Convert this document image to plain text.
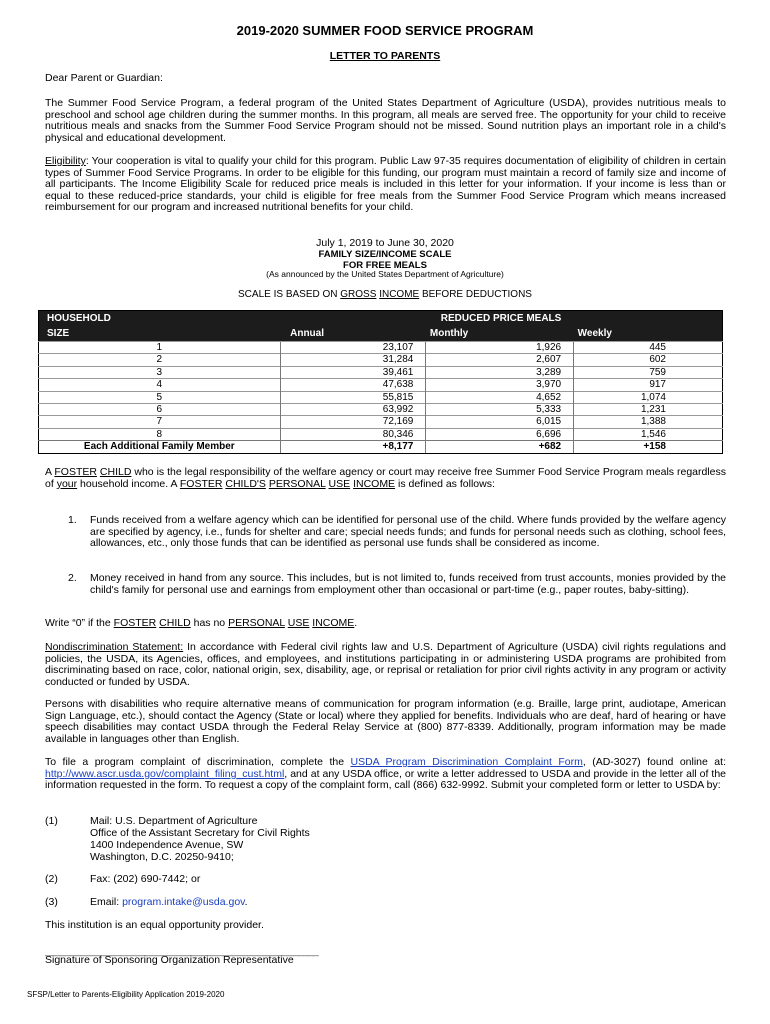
2019-2020 SUMMER FOOD SERVICE PROGRAM
LETTER TO PARENTS

Dear Parent or Guardian:

The Summer Food Service Program, a federal program of the United States Department of Agriculture (USDA), provides nutritious meals to preschool and school age children during the summer months. In this program, all meals are served free. The opportunity for your child to receive nutritious meals and snacks from the Summer Food Service Program should not be missed. Sound nutrition plays an important role in a child's physical and educational development.

Eligibility: Your cooperation is vital to qualify your child for this program. Public Law 97-35 requires documentation of eligibility of children in certain types of Summer Food Service Programs. In order to be eligible for this funding, our program must maintain a record of family size and income of all participants. The Income Eligibility Scale for reduced price meals is included in this letter for your information. If your income is less than or equal to these reduced-price standards, your child is eligible for free meals from the Summer Food Service Program which means increased reimbursement for our program and increased nutritional benefits for your child.

July 1, 2019 to June 30, 2020

FAMILY SIZE/INCOME SCALE

FOR FREE MEALS

(As announced by the United States Department of Agriculture)

SCALE IS BASED ON GROSS INCOME BEFORE DEDUCTIONS

HOUSEHOLD	REDUCED PRICE MEALS		
SIZE	Annual	Monthly	Weekly
1	23,107	1,926	445
2	31,284	2,607	602
3	39,461	3,289	759
4	47,638	3,970	917
5	55,815	4,652	1,074
6	63,992	5,333	1,231
7	72,169	6,015	1,388
8	80,346	6,696	1,546
Each Additional Family Member	+8,177	+682	+158

A FOSTER CHILD who is the legal responsibility of the welfare agency or court may receive free Summer Food Service Program meals regardless of your household income. A FOSTER CHILD'S PERSONAL USE INCOME is defined as follows:

1. Funds received from a welfare agency which can be identified for personal use of the child. Where funds provided by the welfare agency are specified by agency, i.e., funds for shelter and care; special needs funds; and funds for personal needs such as clothing, school fees, allowances, etc., only those funds that can be identified as personal use funds shall be considered as income.
2. Money received in hand from any source. This includes, but is not limited to, funds received from trust accounts, monies provided by the child's family for personal use and earnings from employment other than occasional or part-time (e.g., paper routes, baby-sitting).

Write “0” if the FOSTER CHILD has no PERSONAL USE INCOME.

Nondiscrimination Statement: In accordance with Federal civil rights law and U.S. Department of Agriculture (USDA) civil rights regulations and policies, the USDA, its Agencies, offices, and employees, and institutions participating in or administering USDA programs are prohibited from discriminating based on race, color, national origin, sex, disability, age, or reprisal or retaliation for prior civil rights activity in any program or activity conducted or funded by USDA.

Persons with disabilities who require alternative means of communication for program information (e.g. Braille, large print, audiotape, American Sign Language, etc.), should contact the Agency (State or local) where they applied for benefits. Individuals who are deaf, hard of hearing or have speech disabilities may contact USDA through the Federal Relay Service at (800) 877-8339. Additionally, program information may be made available in languages other than English.

To file a program complaint of discrimination, complete the USDA Program Discrimination Complaint Form, (AD-3027) found online at: http://www.ascr.usda.gov/complaint_filing_cust.html, and at any USDA office, or write a letter addressed to USDA and provide in the letter all of the information requested in the form. To request a copy of the complaint form, call (866) 632-9992. Submit your completed form or letter to USDA by:

(1)	Mail: U.S. Department of Agriculture
Office of the Assistant Secretary for Civil Rights
1400 Independence Avenue, SW
Washington, D.C. 20250-9410;
(2)	Fax: (202) 690-7442; or
(3)	Email: program.intake@usda.gov.

This institution is an equal opportunity provider.

______________________________________________________
Signature of Sponsoring Organization Representative
SFSP/Letter to Parents-Eligibility Application 2019-2020
